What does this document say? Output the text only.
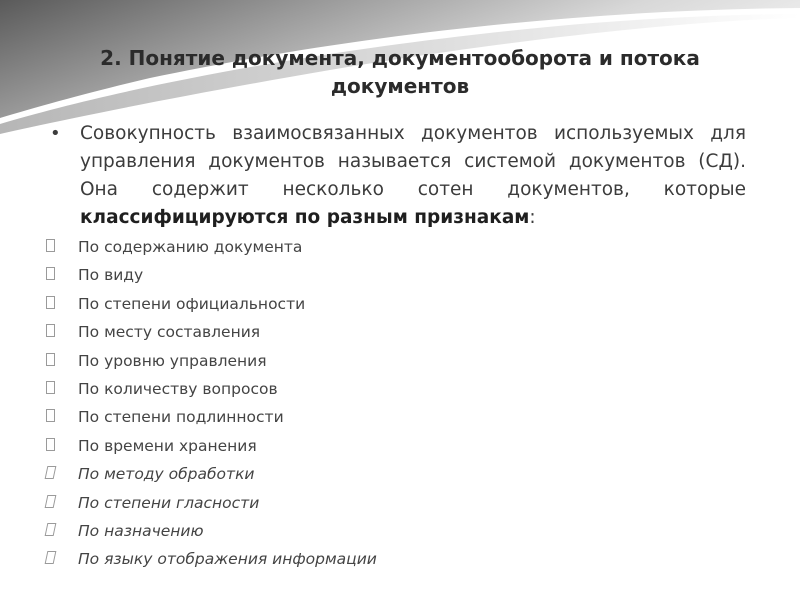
2. Понятие документа, документооборота и потока документов
• Совокупность взаимосвязанных документов используемых для управления документов называется системой документов (СД). Она содержит несколько сотен документов, которые классифицируются по разным признакам:
По содержанию документа
По виду
По степени официальности
По месту составления
По уровню управления
По количеству вопросов
По степени подлинности
По времени хранения
По методу обработки
По степени гласности
По назначению
По языку отображения информации
